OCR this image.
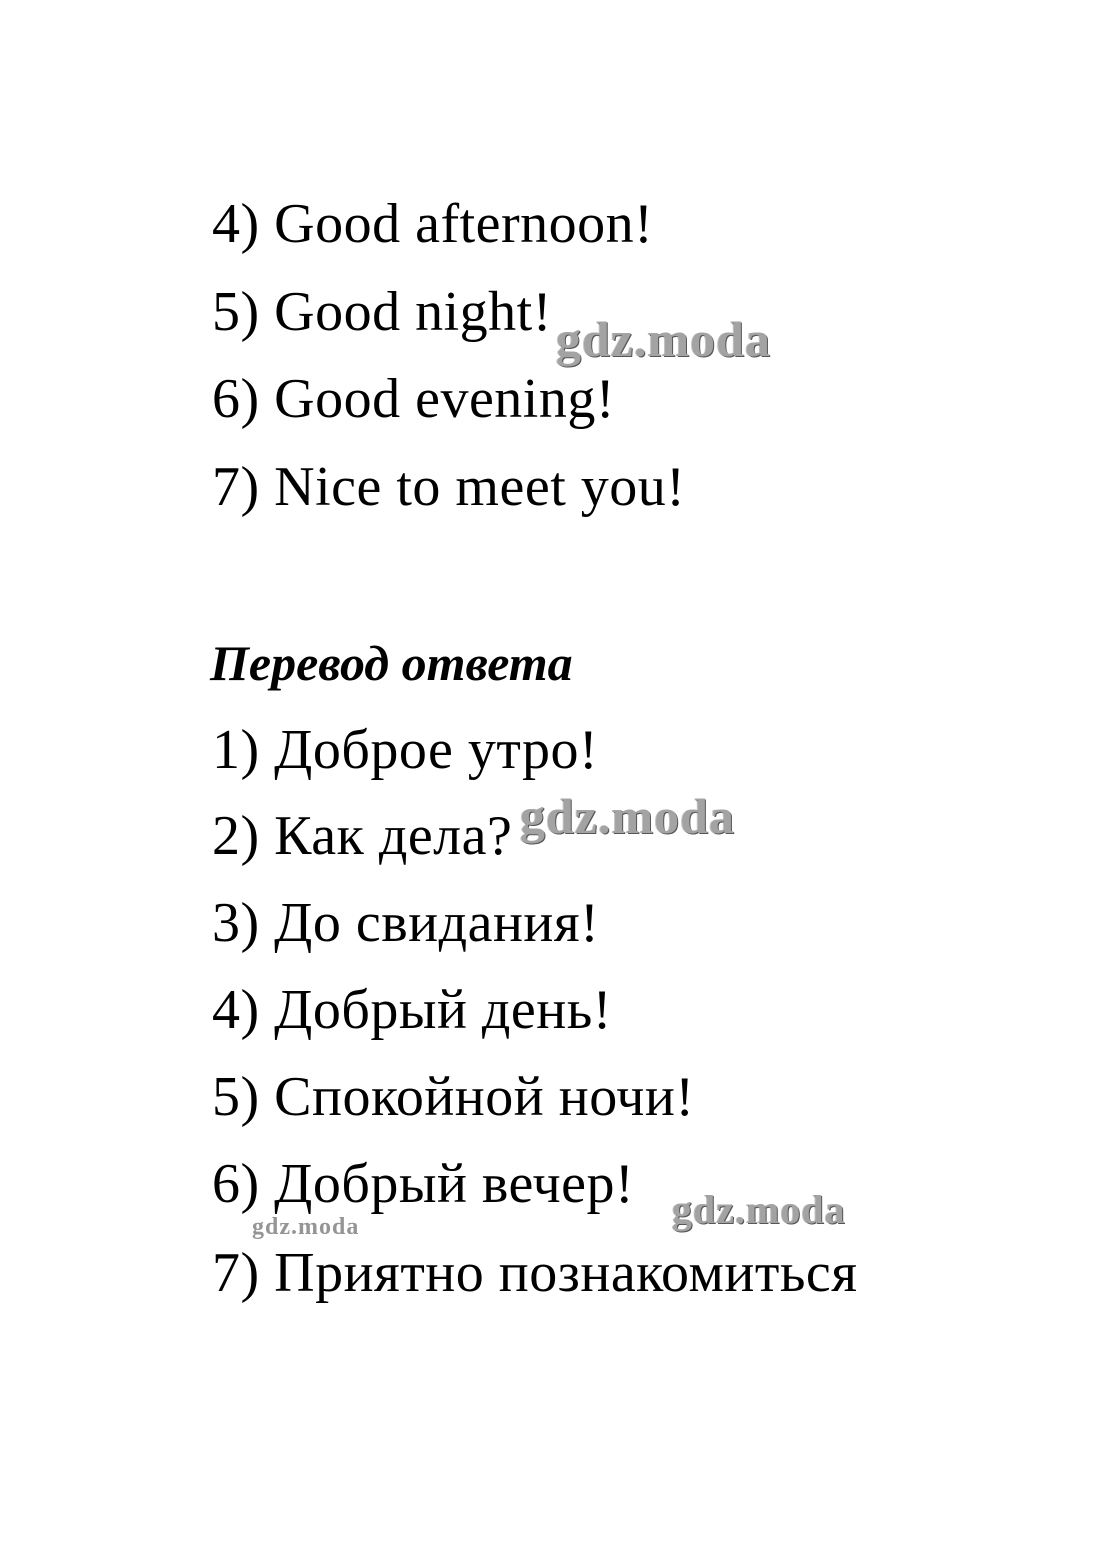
4) Good afternoon!
5) Good night!
6) Good evening!
7) Nice to meet you!
Перевод ответа
1) Доброе утро!
2) Как дела?
3) До свидания!
4) Добрый день!
5) Спокойной ночи!
6) Добрый вечер!
7) Приятно познакомиться
gdz.moda
gdz.moda
gdz.moda
gdz.moda
